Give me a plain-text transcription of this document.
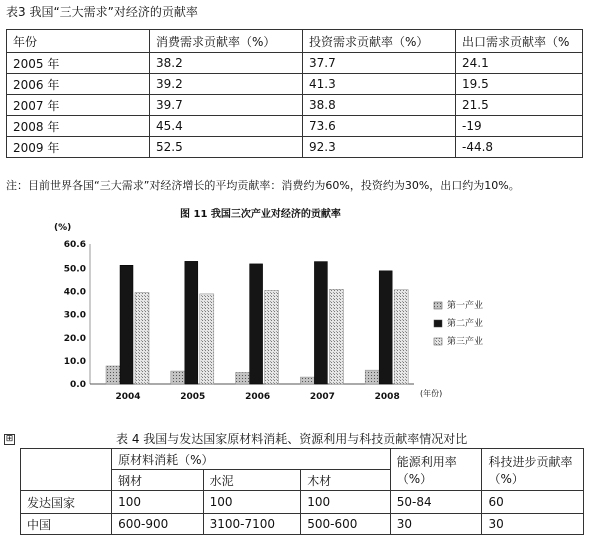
表3 我国“三大需求”对经济的贡献率
年份	消费需求贡献率（%）	投资需求贡献率（%）	出口需求贡献率（%
2005 年	38.2	37.7	24.1
2006 年	39.2	41.3	19.5
2007 年	39.7	38.8	21.5
2008 年	45.4	73.6	-19
2009 年	52.5	92.3	-44.8
注：目前世界各国“三大需求”对经济增长的平均贡献率：消费约为60%，投资约为30%，出口约为10%。
图 11 我国三次产业对经济的贡献率
(%)
(年份)
0.0
10.0
20.0
30.0
40.0
50.0
60.6
2004	2005	2006	2007	2008
第一产业
第二产业
第三产业
⊞	表 4 我国与发达国家原材料消耗、资源利用与科技贡献率情况对比
	原材料消耗（%）			能源利用率（%）	科技进步贡献率（%）
	钢材	水泥	木材		
发达国家	100	100	100	50-84	60
中国	600-900	3100-7100	500-600	30	30
